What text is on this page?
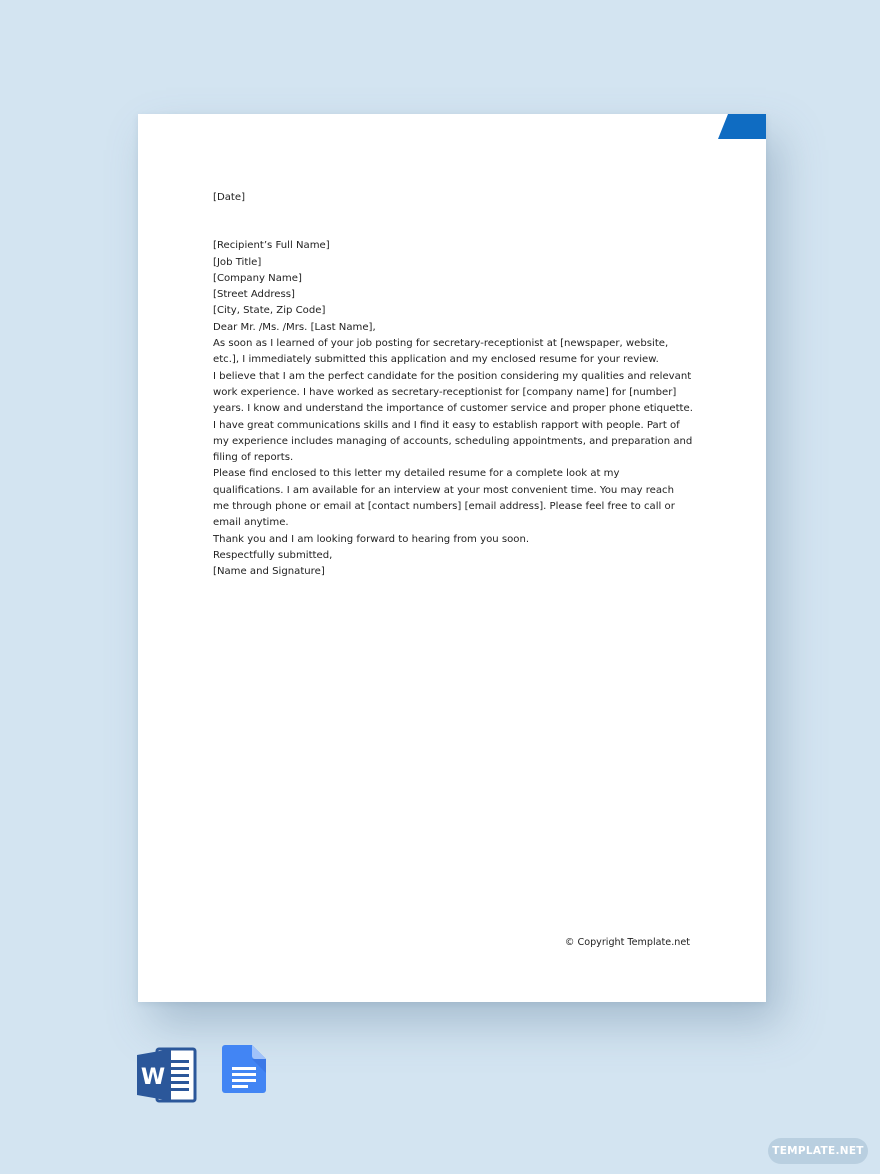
[Date]

[Recipient’s Full Name]

[Job Title]

[Company Name]

[Street Address]

[City, State, Zip Code]

Dear Mr. /Ms. /Mrs. [Last Name],

As soon as I learned of your job posting for secretary-receptionist at [newspaper, website, etc.], I immediately submitted this application and my enclosed resume for your review.

I believe that I am the perfect candidate for the position considering my qualities and relevant work experience. I have worked as secretary-receptionist for [company name] for [number] years. I know and understand the importance of customer service and proper phone etiquette. I have great communications skills and I find it easy to establish rapport with people. Part of my experience includes managing of accounts, scheduling appointments, and preparation and filing of reports.

Please find enclosed to this letter my detailed resume for a complete look at my qualifications. I am available for an interview at your most convenient time. You may reach me through phone or email at [contact numbers] [email address]. Please feel free to call or email anytime.

Thank you and I am looking forward to hearing from you soon.

Respectfully submitted,

[Name and Signature]

© Copyright Template.net
W
TEMPLATE.NET
